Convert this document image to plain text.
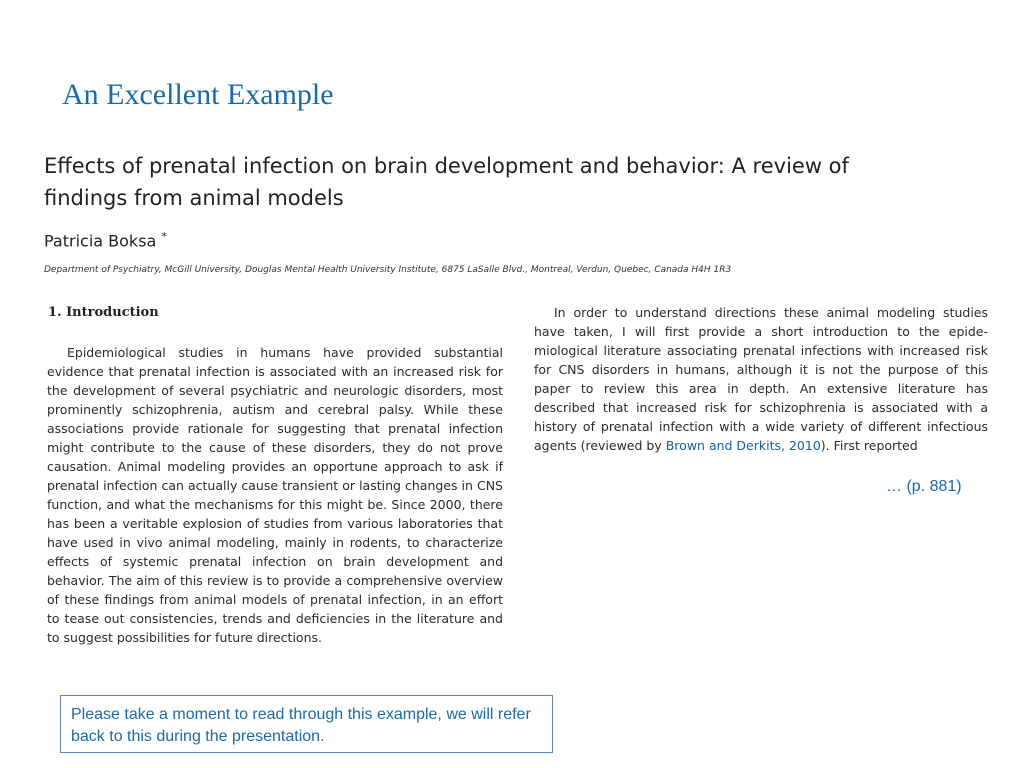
An Excellent Example
Effects of prenatal infection on brain development and behavior: A review of findings from animal models
Patricia Boksa *
Department of Psychiatry, McGill University, Douglas Mental Health University Institute, 6875 LaSalle Blvd., Montreal, Verdun, Quebec, Canada H4H 1R3
1. Introduction
Epidemiological studies in humans have provided substantial evidence that prenatal infection is associated with an increased risk for the development of several psychiatric and neurologic disorders, most prominently schizophrenia, autism and cerebral palsy. While these associations provide rationale for suggesting that prenatal infection might contribute to the cause of these disorders, they do not prove causation. Animal modeling provides an opportune approach to ask if prenatal infection can actually cause transient or lasting changes in CNS function, and what the mechanisms for this might be. Since 2000, there has been a veritable explosion of studies from various laboratories that have used in vivo animal modeling, mainly in rodents, to characterize effects of systemic prenatal infection on brain development and behavior. The aim of this review is to provide a comprehensive overview of these findings from animal models of prenatal infection, in an effort to tease out consistencies, trends and deficiencies in the literature and to suggest possibilities for future directions.
In order to understand directions these animal modeling studies have taken, I will first provide a short introduction to the epidemiological literature associating prenatal infections with increased risk for CNS disorders in humans, although it is not the purpose of this paper to review this area in depth. An extensive literature has described that increased risk for schizophrenia is associated with a history of prenatal infection with a wide variety of different infectious agents (reviewed by Brown and Derkits, 2010). First reported
… (p. 881)
Please take a moment to read through this example, we will refer back to this during the presentation.
